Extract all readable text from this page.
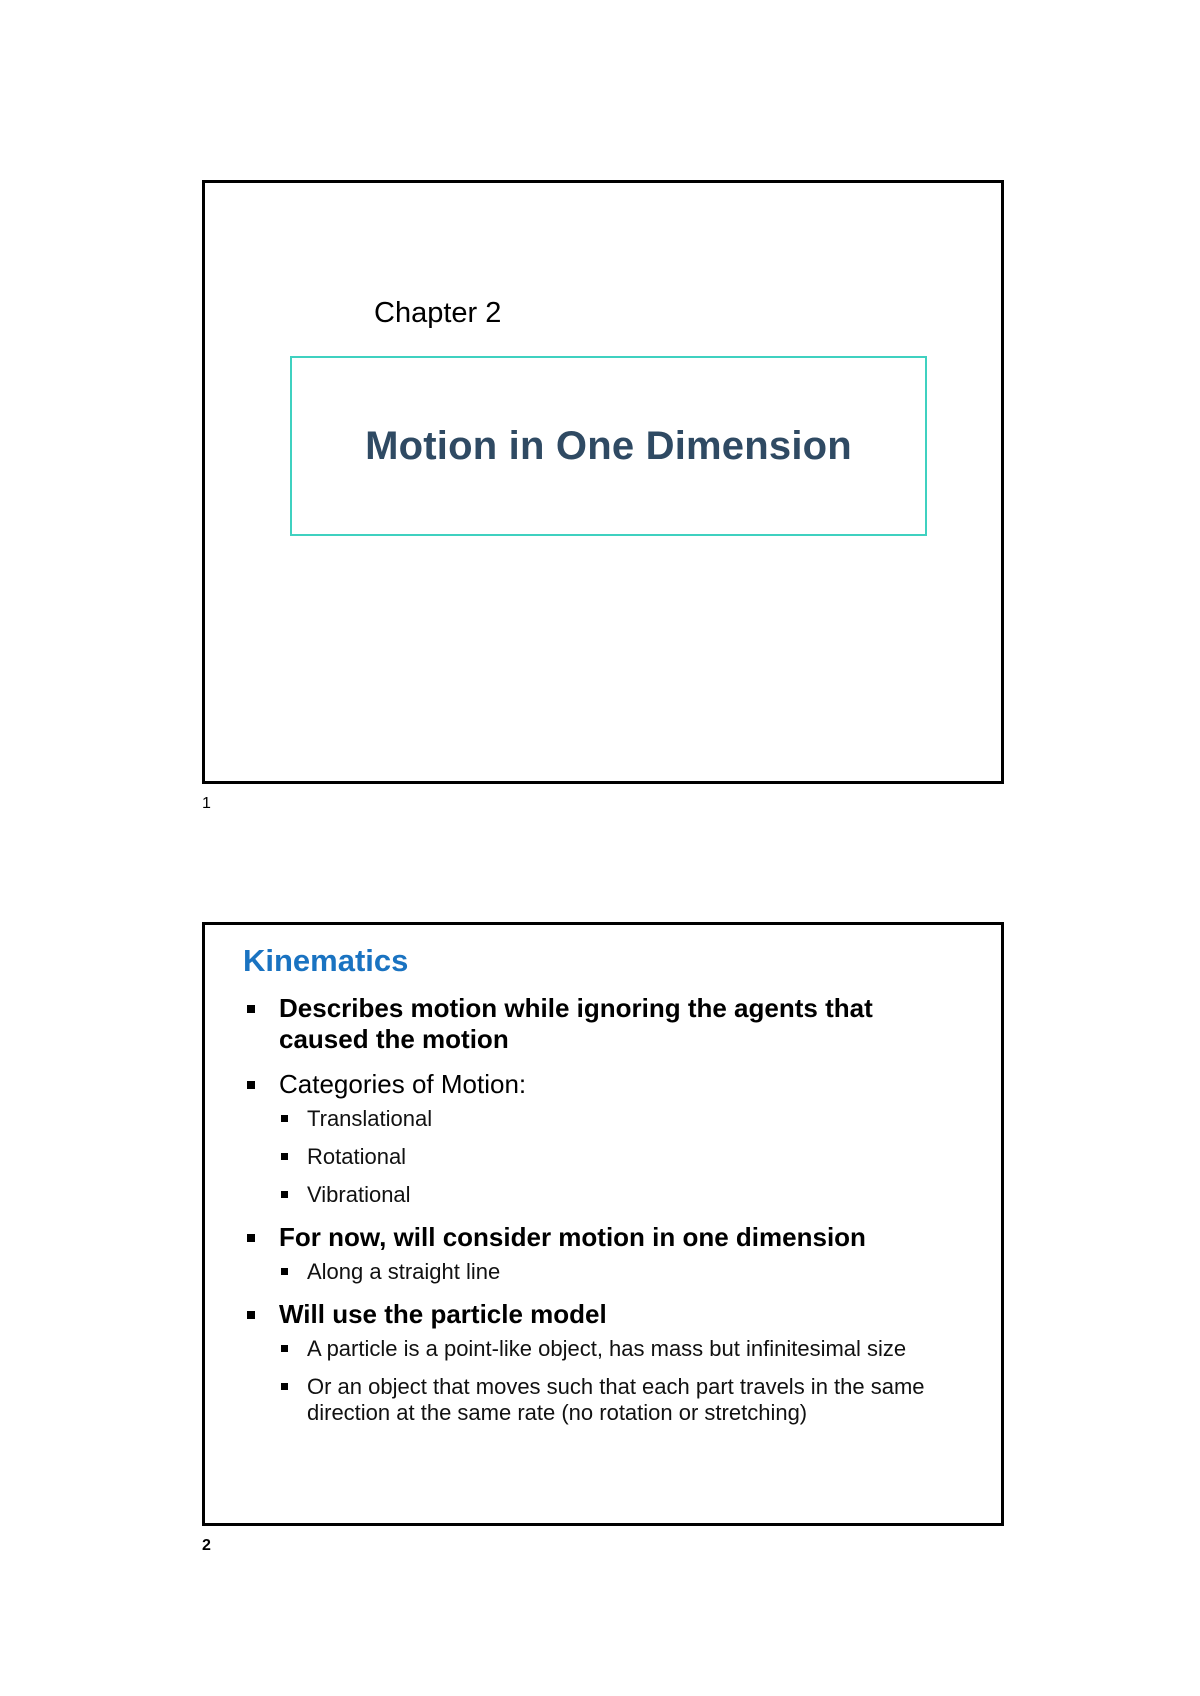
Chapter 2
Motion in One Dimension
1
Kinematics
Describes motion while ignoring the agents that caused the motion
Categories of Motion:
Translational
Rotational
Vibrational
For now, will consider motion in one dimension
Along a straight line
Will use the particle model
A particle is a point-like object, has mass but infinitesimal size
Or an object that moves such that each part travels in the same direction at the same rate (no rotation or stretching)
2
